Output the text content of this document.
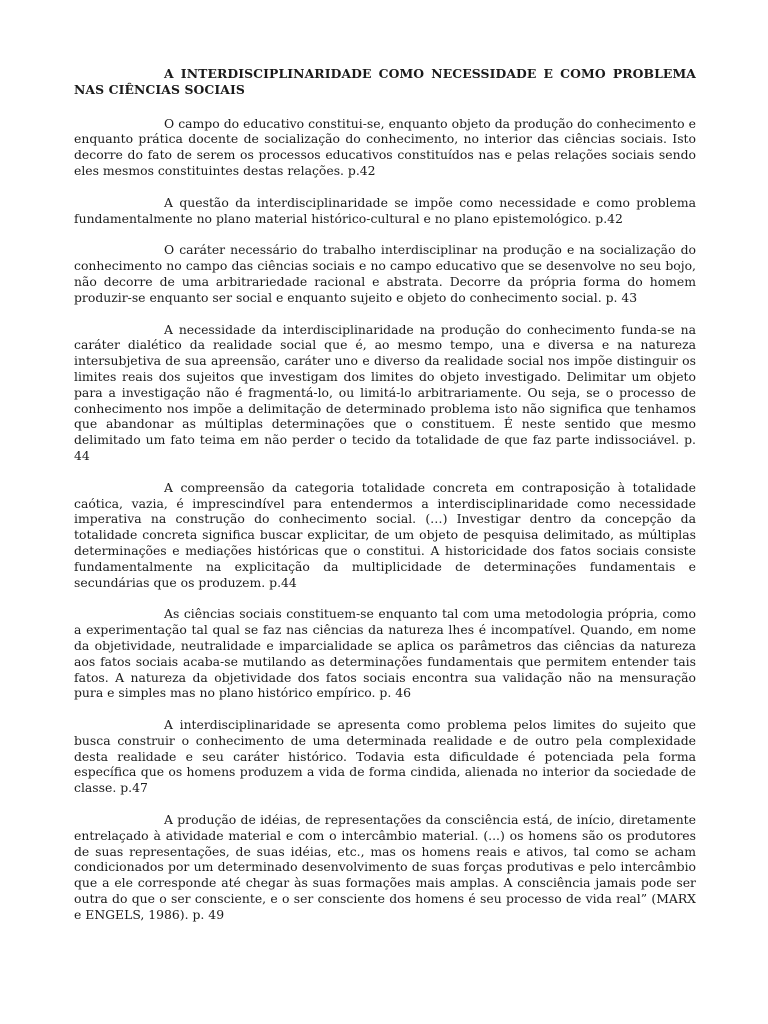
A INTERDISCIPLINARIDADE COMO NECESSIDADE E COMO PROBLEMA NAS CIÊNCIAS SOCIAIS

O campo do educativo constitui-se, enquanto objeto da produção do conhecimento e enquanto prática docente de socialização do conhecimento, no interior das ciências sociais. Isto decorre do fato de serem os processos educativos constituídos nas e pelas relações sociais sendo eles mesmos constituintes destas relações. p.42

A questão da interdisciplinaridade se impõe como necessidade e como problema fundamentalmente no plano material histórico-cultural e no plano epistemológico. p.42

O caráter necessário do trabalho interdisciplinar na produção e na socialização do conhecimento no campo das ciências sociais e no campo educativo que se desenvolve no seu bojo, não decorre de uma arbitrariedade racional e abstrata. Decorre da própria forma do homem produzir-se enquanto ser social e enquanto sujeito e objeto do conhecimento social. p. 43

A necessidade da interdisciplinaridade na produção do conhecimento funda-se na caráter dialético da realidade social que é, ao mesmo tempo, una e diversa e na natureza intersubjetiva de sua apreensão, caráter uno e diverso da realidade social nos impõe distinguir os limites reais dos sujeitos que investigam dos limites do objeto investigado. Delimitar um objeto para a investigação não é fragmentá-lo, ou limitá-lo arbitrariamente. Ou seja, se o processo de conhecimento nos impõe a delimitação de determinado problema isto não significa que tenhamos que abandonar as múltiplas determinações que o constituem. É neste sentido que mesmo delimitado um fato teima em não perder o tecido da totalidade de que faz parte indissociável. p. 44

A compreensão da categoria totalidade concreta em contraposição à totalidade caótica, vazia, é imprescindível para entendermos a interdisciplinaridade como necessidade imperativa na construção do conhecimento social. (…) Investigar dentro da concepção da totalidade concreta significa buscar explicitar, de um objeto de pesquisa delimitado, as múltiplas determinações e mediações históricas que o constitui. A historicidade dos fatos sociais consiste fundamentalmente na explicitação da multiplicidade de determinações fundamentais e secundárias que os produzem. p.44

As ciências sociais constituem-se enquanto tal com uma metodologia própria, como a experimentação tal qual se faz nas ciências da natureza lhes é incompatível. Quando, em nome da objetividade, neutralidade e imparcialidade se aplica os parâmetros das ciências da natureza aos fatos sociais acaba-se mutilando as determinações fundamentais que permitem entender tais fatos. A natureza da objetividade dos fatos sociais encontra sua validação não na mensuração pura e simples mas no plano histórico empírico. p. 46

A interdisciplinaridade se apresenta como problema pelos limites do sujeito que busca construir o conhecimento de uma determinada realidade e de outro pela complexidade desta realidade e seu caráter histórico. Todavia esta dificuldade é potenciada pela forma específica que os homens produzem a vida de forma cindida, alienada no interior da sociedade de classe. p.47

A produção de idéias, de representações da consciência está, de início, diretamente entrelaçado à atividade material e com o intercâmbio material. (...) os homens são os produtores de suas representações, de suas idéias, etc., mas os homens reais e ativos, tal como se acham condicionados por um determinado desenvolvimento de suas forças produtivas e pelo intercâmbio que a ele corresponde até chegar às suas formações mais amplas. A consciência jamais pode ser outra do que o ser consciente, e o ser consciente dos homens é seu processo de vida real” (MARX e ENGELS, 1986). p. 49
